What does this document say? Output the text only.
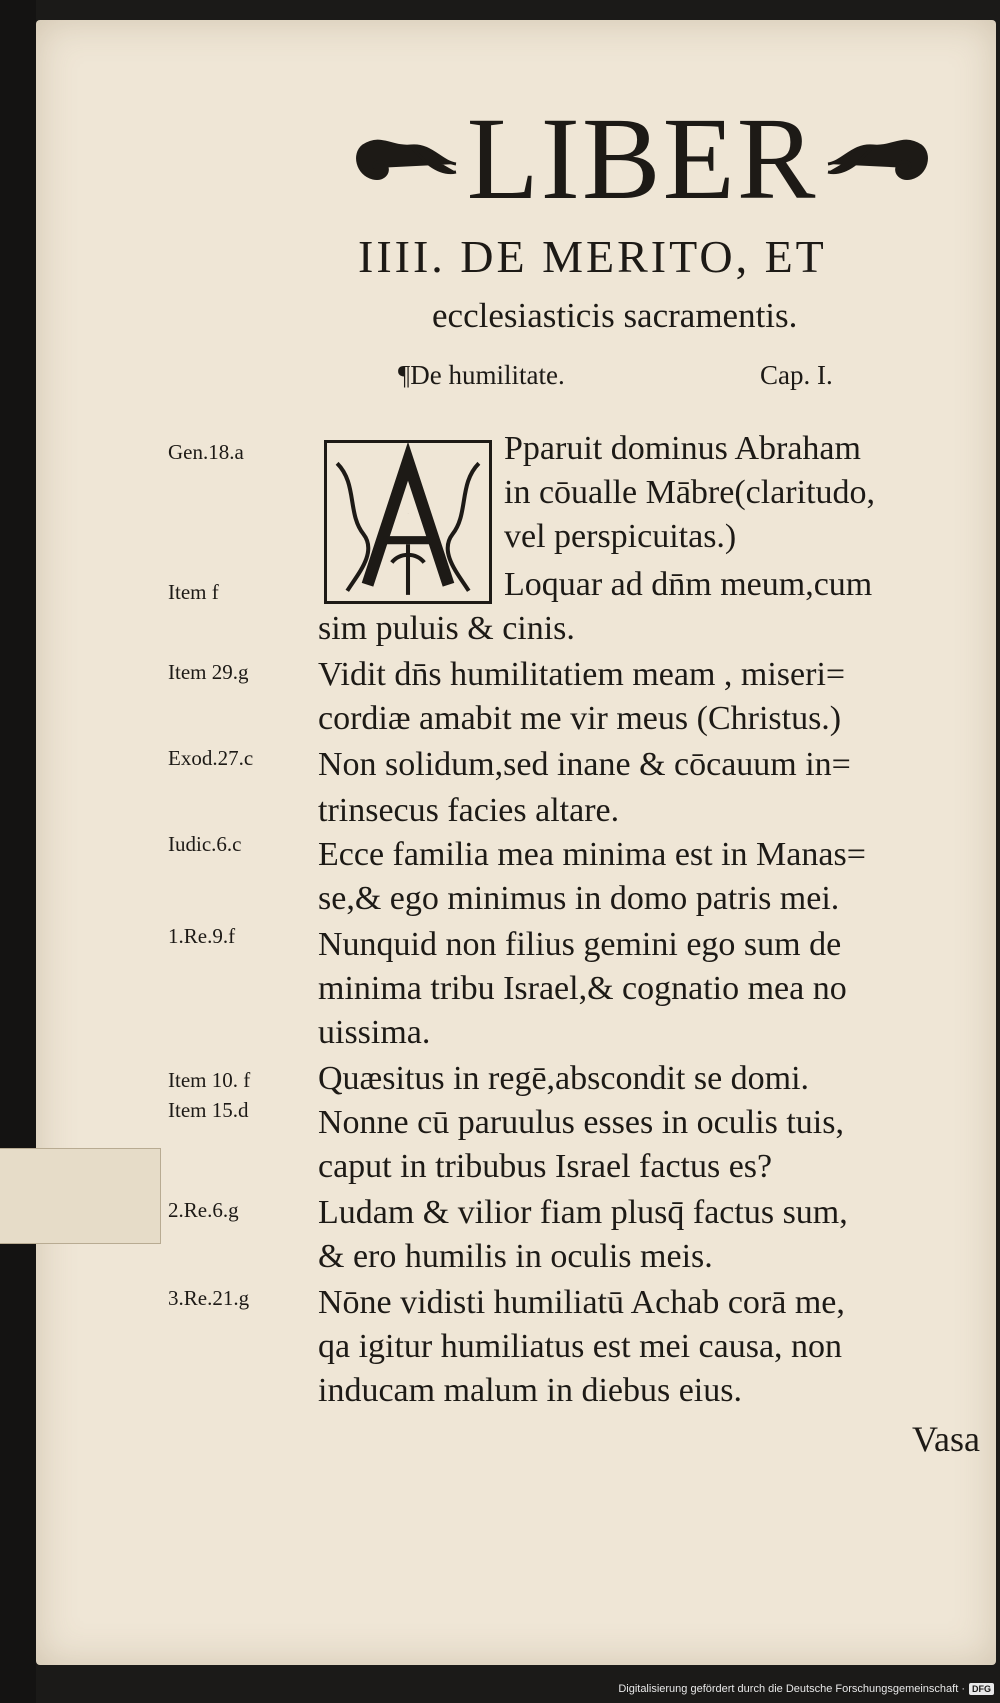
LIBER
IIII. DE MERITO, ET
ecclesiasticis sacramentis.
¶De humilitate.	Cap. I.
A
Gen.18.a
Item f
Item 29.g
Exod.27.c
Iudic.6.c
1.Re.9.f
Item 10. f
Item 15.d
2.Re.6.g
3.Re.21.g
Pparuit dominus Abraham
in cōualle Mābre(claritudo,
vel perspicuitas.)
Loquar ad dn̄m meum,cum
sim puluis & cinis.
Vidit dn̄s humilitatiem meam , miseri=
cordiæ amabit me vir meus (Christus.)
Non solidum,sed inane & cōcauum in=
trinsecus facies altare.
Ecce familia mea minima est in Manas=
se,& ego minimus in domo patris mei.
Nunquid non filius gemini ego sum de
minima tribu Israel,& cognatio mea no
uissima.
Quæsitus in regē,abscondit se domi.
Nonne cū paruulus esses in oculis tuis,
caput in tribubus Israel factus es?
Ludam & vilior fiam plusq̄ factus sum,
& ero humilis in oculis meis.
Nōne vidisti humiliatū Achab corā me,
qa igitur humiliatus est mei causa, non
inducam malum in diebus eius.
Vasa
Digitalisierung gefördert durch die Deutsche Forschungsgemeinschaft · DFG
